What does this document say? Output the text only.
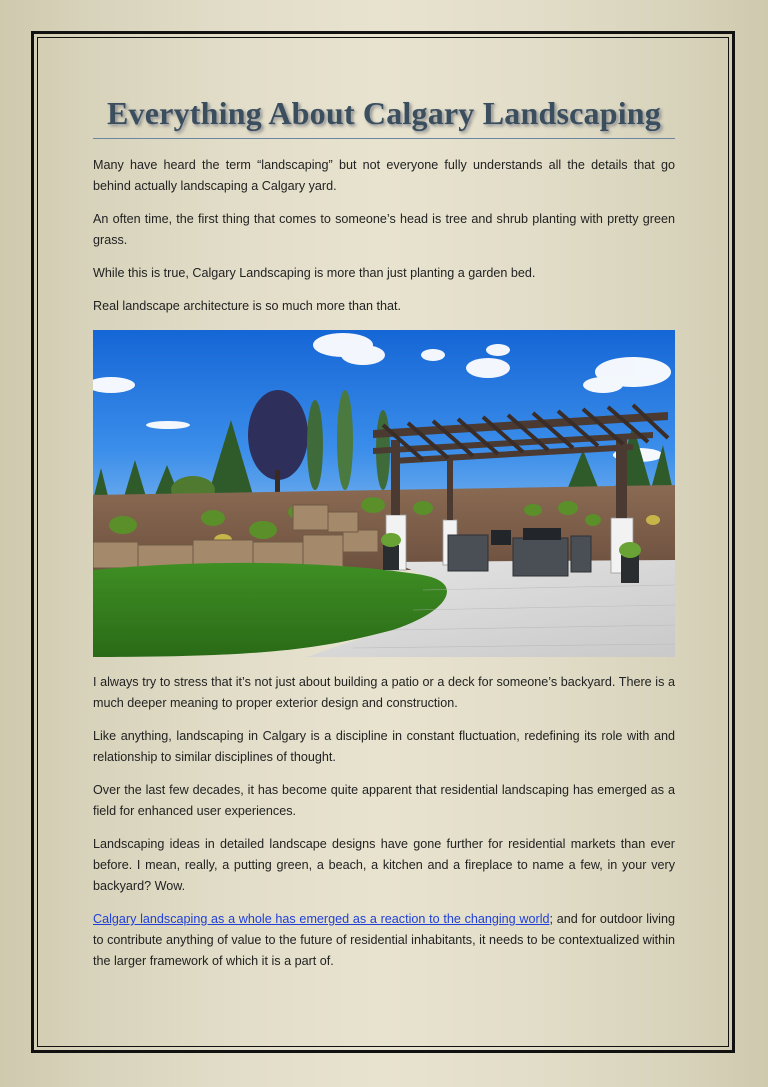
Everything About Calgary Landscaping

Many have heard the term “landscaping” but not everyone fully understands all the details that go behind actually landscaping a Calgary yard.

An often time, the first thing that comes to someone’s head is tree and shrub planting with pretty green grass.

While this is true, Calgary Landscaping is more than just planting a garden bed.

Real landscape architecture is so much more than that.

I always try to stress that it’s not just about building a patio or a deck for someone’s backyard. There is a much deeper meaning to proper exterior design and construction.

Like anything, landscaping in Calgary is a discipline in constant fluctuation, redefining its role with and relationship to similar disciplines of thought.

Over the last few decades, it has become quite apparent that residential landscaping has emerged as a field for enhanced user experiences.

Landscaping ideas in detailed landscape designs have gone further for residential markets than ever before. I mean, really, a putting green, a beach, a kitchen and a fireplace to name a few, in your very backyard? Wow.

Calgary landscaping as a whole has emerged as a reaction to the changing world; and for outdoor living to contribute anything of value to the future of residential inhabitants, it needs to be contextualized within the larger framework of which it is a part of.
